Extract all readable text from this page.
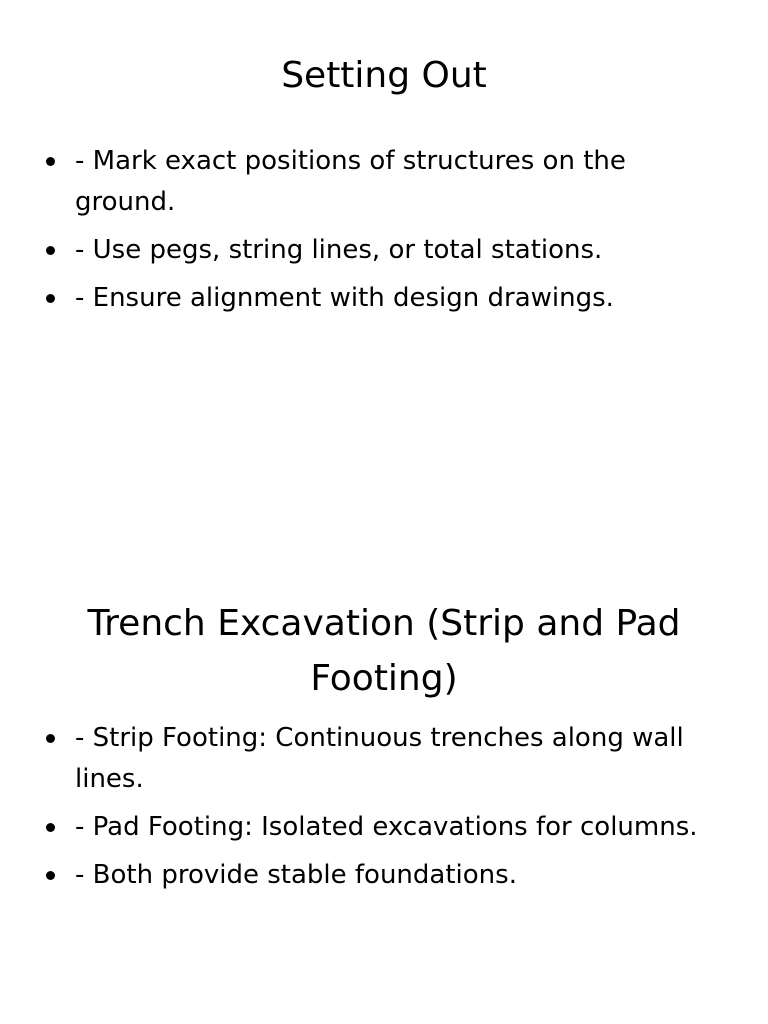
Setting Out
- Mark exact positions of structures on the ground.
- Use pegs, string lines, or total stations.
- Ensure alignment with design drawings.
Trench Excavation (Strip and Pad Footing)
- Strip Footing: Continuous trenches along wall lines.
- Pad Footing: Isolated excavations for columns.
- Both provide stable foundations.
